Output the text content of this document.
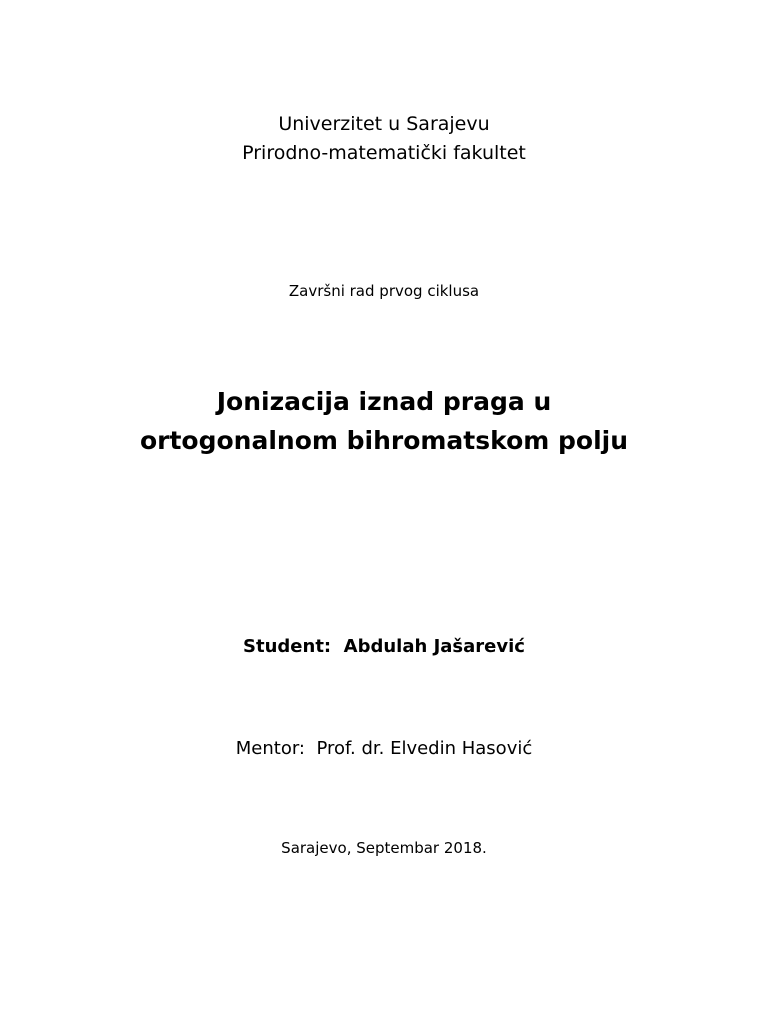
Univerzitet u Sarajevu
Prirodno-matematički fakultet
Završni rad prvog ciklusa
Jonizacija iznad praga u
ortogonalnom bihromatskom polju
Student: Abdulah Jašarević
Mentor: Prof. dr. Elvedin Hasović
Sarajevo, Septembar 2018.
